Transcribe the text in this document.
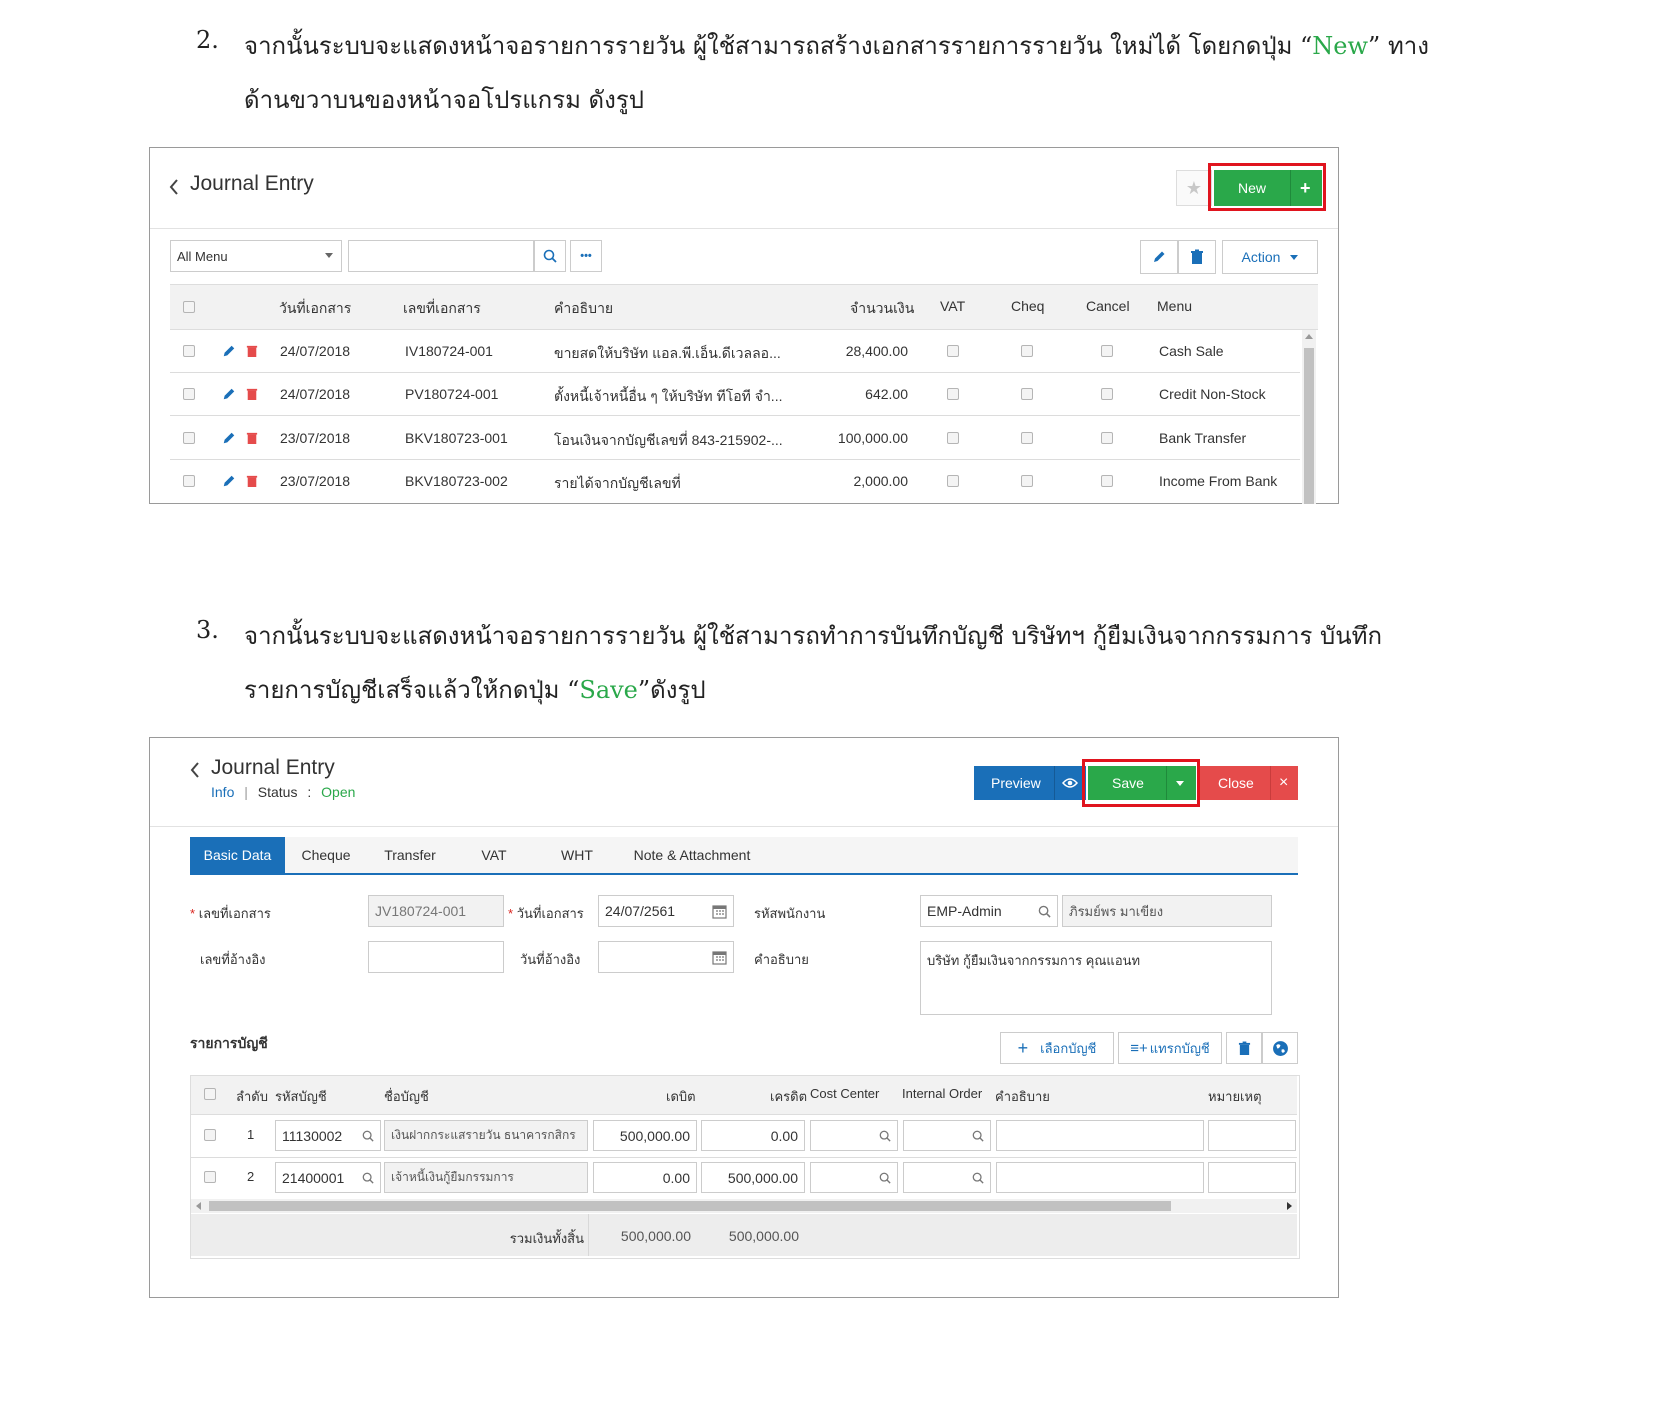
2. จากนั้นระบบจะแสดงหน้าจอรายการรายวัน ผู้ใช้สามารถสร้างเอกสารรายการรายวัน ใหม่ได้ โดยกดปุ่ม “New” ทาง
ด้านขวาบนของหน้าจอโปรแกรม ดังรูป
Journal Entry	★	New +
All Menu	•••	Action
วันที่เอกสาร	เลขที่เอกสาร	คำอธิบาย	จำนวนเงิน VAT	Cheq	Cancel Menu
24/07/2018	IV180724-001	ขายสดให้บริษัท แอล.พี.เอ็น.ดีเวลลอ...	28,400.00	Cash Sale
24/07/2018	PV180724-001	ตั้งหนี้เจ้าหนี้อื่น ๆ ให้บริษัท ทีโอที จำ...	642.00	Credit Non-Stock
23/07/2018	BKV180723-001	โอนเงินจากบัญชีเลขที่ 843-215902-...	100,000.00	Bank Transfer
23/07/2018	BKV180723-002	รายได้จากบัญชีเลขที่	2,000.00	Income From Bank
3. จากนั้นระบบจะแสดงหน้าจอรายการรายวัน ผู้ใช้สามารถทำการบันทึกบัญชี บริษัทฯ กู้ยืมเงินจากกรรมการ บันทึก
รายการบัญชีเสร็จแล้วให้กดปุ่ม “Save”ดังรูป
Journal Entry
Info | Status : Open
Preview	Save	Close ×
Basic Data	Cheque	Transfer	VAT	WHT	Note & Attachment
* เลขที่เอกสาร	JV180724-001	* วันที่เอกสาร 24/07/2561	รหัสพนักงาน	EMP-Admin	ภิรมย์พร มาเขียง
เลขที่อ้างอิง	วันที่อ้างอิง	คำอธิบาย	บริษัท กู้ยืมเงินจากกรรมการ คุณแอนท
รายการบัญชี	+ เลือกบัญชี ≡+ แทรกบัญชี
ลำดับ รหัสบัญชี	ชื่อบัญชี	เดบิต	เครดิต Cost Center Internal Order คำอธิบาย	หมายเหตุ
1 11130002	เงินฝากกระแสรายวัน ธนาคารกสิกร	500,000.00	0.00
2 21400001	เจ้าหนี้เงินกู้ยืมกรรมการ	0.00	500,000.00
รวมเงินทั้งสิ้น	500,000.00	500,000.00
